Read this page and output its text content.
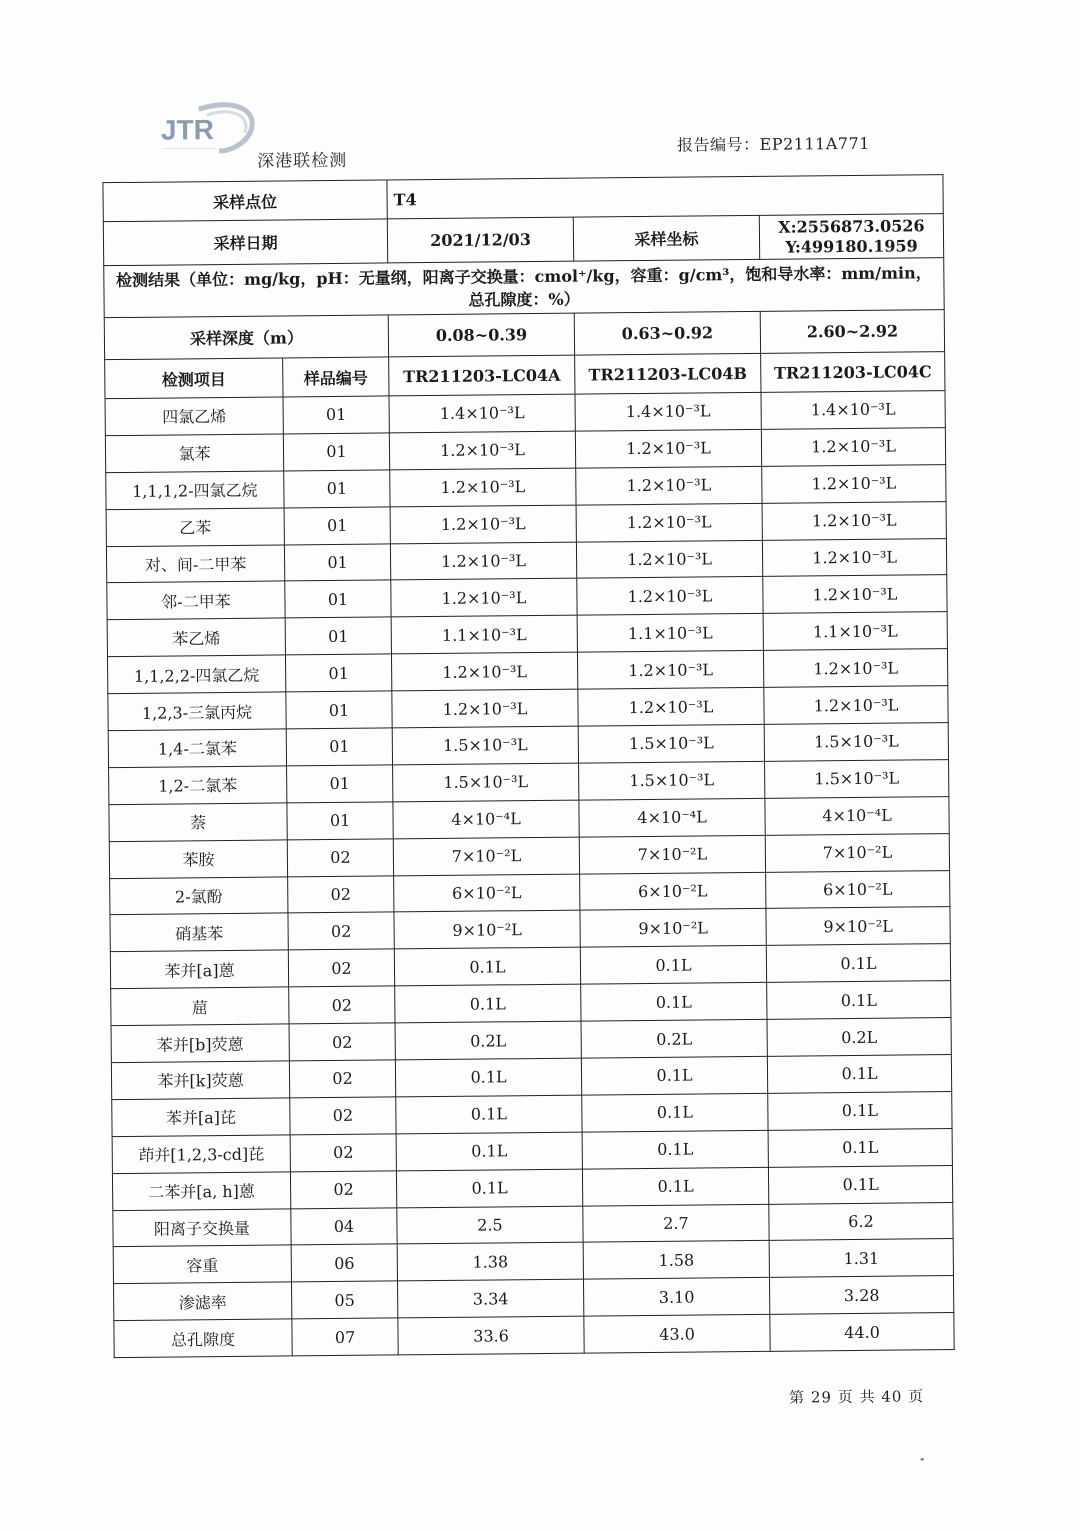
JTR
—————————————
深港联检测
报告编号：EP2111A771
采样点位		T4		
采样日期		2021/12/03	采样坐标	X:2556873.0526
Y:499180.1959

检测结果（单位：mg/kg，pH：无量纲，阳离子交换量：cmol⁺/kg，容重：g/cm³，饱和导水率：mm/min，
总孔隙度：%）				

采样深度（m）		0.08~0.39	0.63~0.92	2.60~2.92
检测项目	样品编号	TR211203-LC04A	TR211203-LC04B	TR211203-LC04C
四氯乙烯	01	1.4×10⁻³L	1.4×10⁻³L	1.4×10⁻³L
氯苯	01	1.2×10⁻³L	1.2×10⁻³L	1.2×10⁻³L
1,1,1,2-四氯乙烷	01	1.2×10⁻³L	1.2×10⁻³L	1.2×10⁻³L
乙苯	01	1.2×10⁻³L	1.2×10⁻³L	1.2×10⁻³L
对、间-二甲苯	01	1.2×10⁻³L	1.2×10⁻³L	1.2×10⁻³L
邻-二甲苯	01	1.2×10⁻³L	1.2×10⁻³L	1.2×10⁻³L
苯乙烯	01	1.1×10⁻³L	1.1×10⁻³L	1.1×10⁻³L
1,1,2,2-四氯乙烷	01	1.2×10⁻³L	1.2×10⁻³L	1.2×10⁻³L
1,2,3-三氯丙烷	01	1.2×10⁻³L	1.2×10⁻³L	1.2×10⁻³L
1,4-二氯苯	01	1.5×10⁻³L	1.5×10⁻³L	1.5×10⁻³L
1,2-二氯苯	01	1.5×10⁻³L	1.5×10⁻³L	1.5×10⁻³L
萘	01	4×10⁻⁴L	4×10⁻⁴L	4×10⁻⁴L
苯胺	02	7×10⁻²L	7×10⁻²L	7×10⁻²L
2-氯酚	02	6×10⁻²L	6×10⁻²L	6×10⁻²L
硝基苯	02	9×10⁻²L	9×10⁻²L	9×10⁻²L
苯并[a]蒽	02	0.1L	0.1L	0.1L
䓛	02	0.1L	0.1L	0.1L
苯并[b]荧蒽	02	0.2L	0.2L	0.2L
苯并[k]荧蒽	02	0.1L	0.1L	0.1L
苯并[a]芘	02	0.1L	0.1L	0.1L
茚并[1,2,3-cd]芘	02	0.1L	0.1L	0.1L
二苯并[a, h]蒽	02	0.1L	0.1L	0.1L
阳离子交换量	04	2.5	2.7	6.2
容重	06	1.38	1.58	1.31
渗滤率	05	3.34	3.10	3.28
总孔隙度	07	33.6	43.0	44.0
第 29 页 共 40 页
